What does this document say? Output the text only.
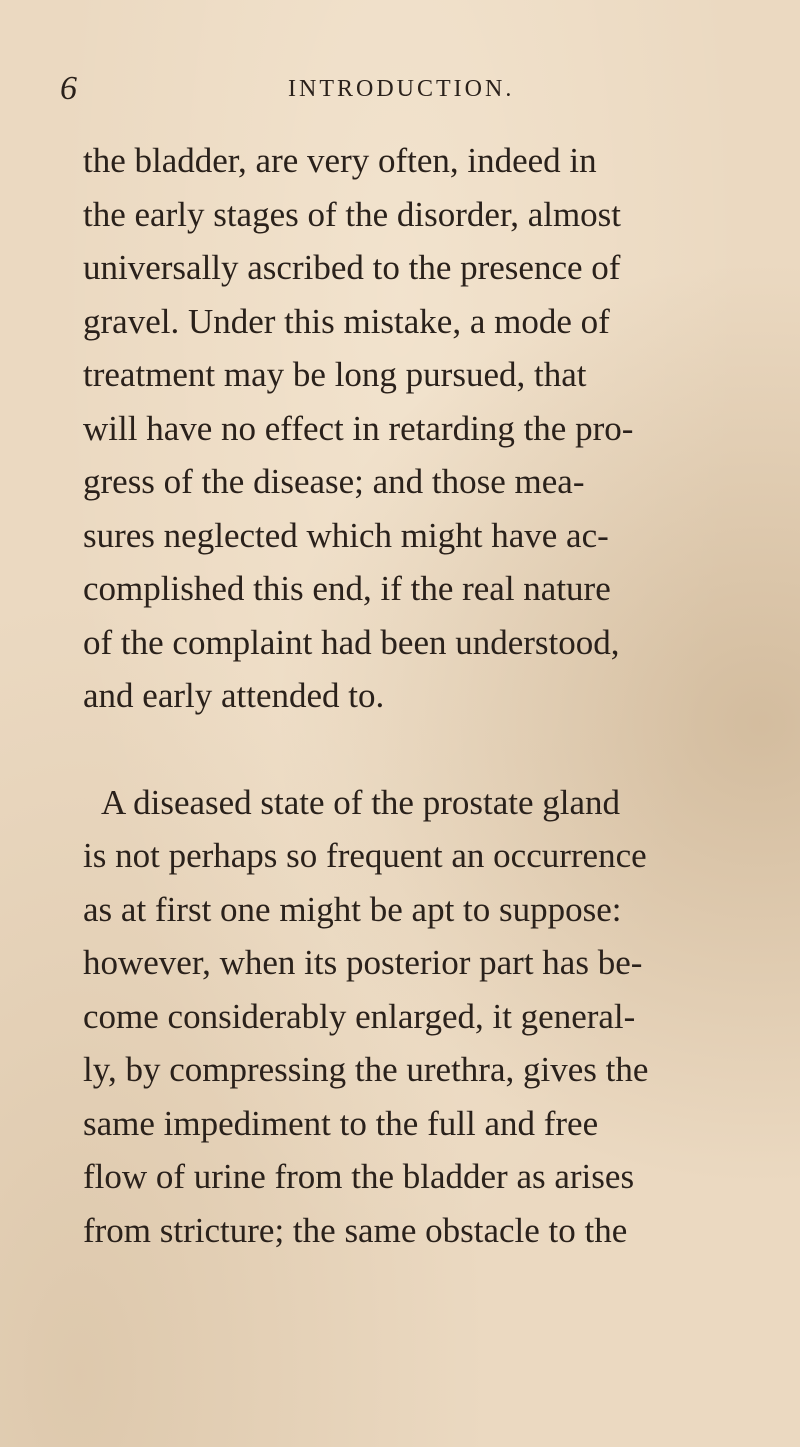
6	INTRODUCTION.
the bladder, are very often, indeed in
the early stages of the disorder, almost
universally ascribed to the presence of
gravel. Under this mistake, a mode of
treatment may be long pursued, that
will have no effect in retarding the pro-
gress of the disease; and those mea-
sures neglected which might have ac-
complished this end, if the real nature
of the complaint had been understood,
and early attended to.
A diseased state of the prostate gland
is not perhaps so frequent an occurrence
as at first one might be apt to suppose:
however, when its posterior part has be-
come considerably enlarged, it general-
ly, by compressing the urethra, gives the
same impediment to the full and free
flow of urine from the bladder as arises
from stricture; the same obstacle to the
